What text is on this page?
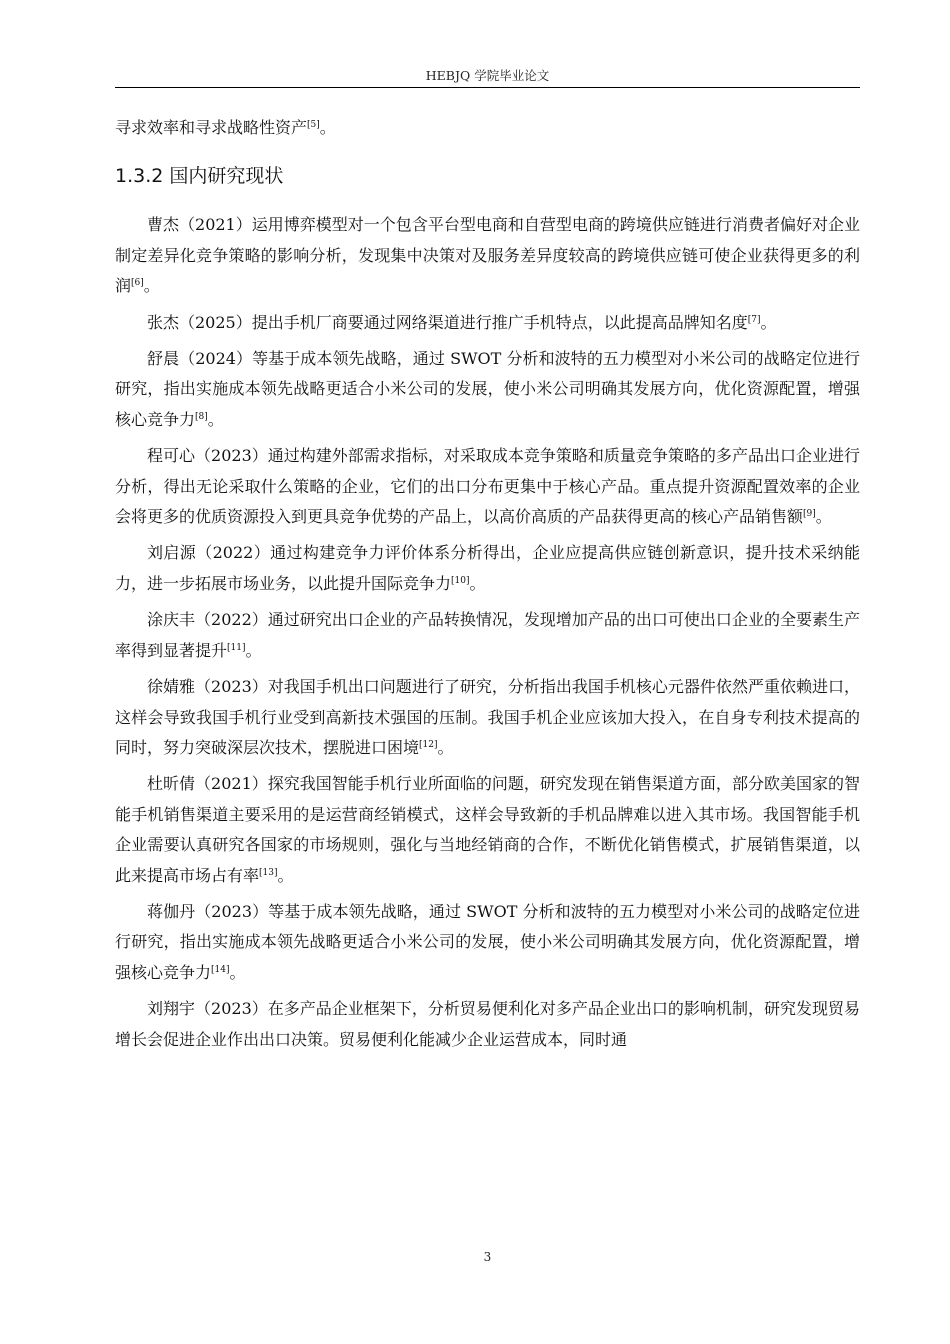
HEBJQ 学院毕业论文

寻求效率和寻求战略性资产[5]。

1.3.2 国内研究现状

曹杰（2021）运用博弈模型对一个包含平台型电商和自营型电商的跨境供应链进行消费者偏好对企业制定差异化竞争策略的影响分析，发现集中决策对及服务差异度较高的跨境供应链可使企业获得更多的利润[6]。

张杰（2025）提出手机厂商要通过网络渠道进行推广手机特点，以此提高品牌知名度[7]。

舒晨（2024）等基于成本领先战略，通过 SWOT 分析和波特的五力模型对小米公司的战略定位进行研究，指出实施成本领先战略更适合小米公司的发展，使小米公司明确其发展方向，优化资源配置，增强核心竞争力[8]。

程可心（2023）通过构建外部需求指标，对采取成本竞争策略和质量竞争策略的多产品出口企业进行分析，得出无论采取什么策略的企业，它们的出口分布更集中于核心产品。重点提升资源配置效率的企业会将更多的优质资源投入到更具竞争优势的产品上，以高价高质的产品获得更高的核心产品销售额[9]。

刘启源（2022）通过构建竞争力评价体系分析得出，企业应提高供应链创新意识，提升技术采纳能力，进一步拓展市场业务，以此提升国际竞争力[10]。

涂庆丰（2022）通过研究出口企业的产品转换情况，发现增加产品的出口可使出口企业的全要素生产率得到显著提升[11]。

徐婧雅（2023）对我国手机出口问题进行了研究，分析指出我国手机核心元器件依然严重依赖进口，这样会导致我国手机行业受到高新技术强国的压制。我国手机企业应该加大投入，在自身专利技术提高的同时，努力突破深层次技术，摆脱进口困境[12]。

杜昕倩（2021）探究我国智能手机行业所面临的问题，研究发现在销售渠道方面，部分欧美国家的智能手机销售渠道主要采用的是运营商经销模式，这样会导致新的手机品牌难以进入其市场。我国智能手机企业需要认真研究各国家的市场规则，强化与当地经销商的合作，不断优化销售模式，扩展销售渠道，以此来提高市场占有率[13]。

蒋伽丹（2023）等基于成本领先战略，通过 SWOT 分析和波特的五力模型对小米公司的战略定位进行研究，指出实施成本领先战略更适合小米公司的发展，使小米公司明确其发展方向，优化资源配置，增强核心竞争力[14]。

刘翔宇（2023）在多产品企业框架下，分析贸易便利化对多产品企业出口的影响机制，研究发现贸易增长会促进企业作出出口决策。贸易便利化能减少企业运营成本，同时通

3
